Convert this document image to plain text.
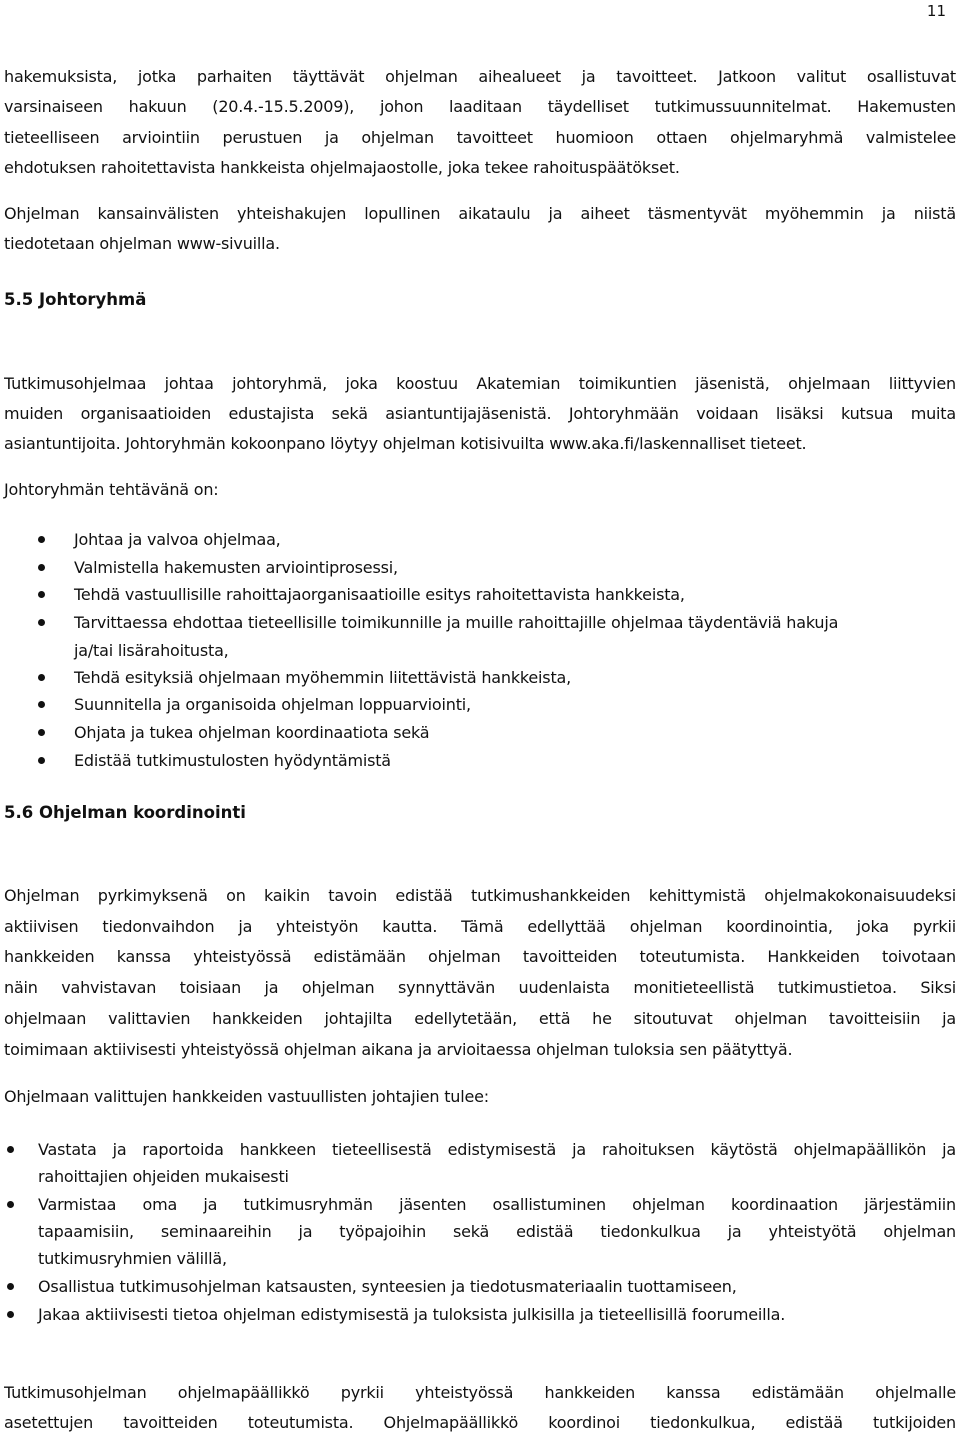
11
hakemuksista, jotka parhaiten täyttävät ohjelman aihealueet ja tavoitteet. Jatkoon valitut osallistuvat
varsinaiseen hakuun (20.4.-15.5.2009), johon laaditaan täydelliset tutkimussuunnitelmat. Hakemusten
tieteelliseen arviointiin perustuen ja ohjelman tavoitteet huomioon ottaen ohjelmaryhmä valmistelee
ehdotuksen rahoitettavista hankkeista ohjelmajaostolle, joka tekee rahoituspäätökset.
Ohjelman kansainvälisten yhteishakujen lopullinen aikataulu ja aiheet täsmentyvät myöhemmin ja niistä
tiedotetaan ohjelman www-sivuilla.
5.5 Johtoryhmä
Tutkimusohjelmaa johtaa johtoryhmä, joka koostuu Akatemian toimikuntien jäsenistä, ohjelmaan liittyvien
muiden organisaatioiden edustajista sekä asiantuntijajäsenistä. Johtoryhmään voidaan lisäksi kutsua muita
asiantuntijoita. Johtoryhmän kokoonpano löytyy ohjelman kotisivuilta www.aka.fi/laskennalliset tieteet.
Johtoryhmän tehtävänä on:
Johtaa ja valvoa ohjelmaa,
Valmistella hakemusten arviointiprosessi,
Tehdä vastuullisille rahoittajaorganisaatioille esitys rahoitettavista hankkeista,
Tarvittaessa ehdottaa tieteellisille toimikunnille ja muille rahoittajille ohjelmaa täydentäviä hakuja
ja/tai lisärahoitusta,
Tehdä esityksiä ohjelmaan myöhemmin liitettävistä hankkeista,
Suunnitella ja organisoida ohjelman loppuarviointi,
Ohjata ja tukea ohjelman koordinaatiota sekä
Edistää tutkimustulosten hyödyntämistä
5.6 Ohjelman koordinointi
Ohjelman pyrkimyksenä on kaikin tavoin edistää tutkimushankkeiden kehittymistä ohjelmakokonaisuudeksi
aktiivisen tiedonvaihdon ja yhteistyön kautta. Tämä edellyttää ohjelman koordinointia, joka pyrkii
hankkeiden kanssa yhteistyössä edistämään ohjelman tavoitteiden toteutumista. Hankkeiden toivotaan
näin vahvistavan toisiaan ja ohjelman synnyttävän uudenlaista monitieteellistä tutkimustietoa. Siksi
ohjelmaan valittavien hankkeiden johtajilta edellytetään, että he sitoutuvat ohjelman tavoitteisiin ja
toimimaan aktiivisesti yhteistyössä ohjelman aikana ja arvioitaessa ohjelman tuloksia sen päätyttyä.
Ohjelmaan valittujen hankkeiden vastuullisten johtajien tulee:
Vastata ja raportoida hankkeen tieteellisestä edistymisestä ja rahoituksen käytöstä ohjelmapäällikön ja
rahoittajien ohjeiden mukaisesti
Varmistaa oma ja tutkimusryhmän jäsenten osallistuminen ohjelman koordinaation järjestämiin
tapaamisiin, seminaareihin ja työpajoihin sekä edistää tiedonkulkua ja yhteistyötä ohjelman
tutkimusryhmien välillä,
Osallistua tutkimusohjelman katsausten, synteesien ja tiedotusmateriaalin tuottamiseen,
Jakaa aktiivisesti tietoa ohjelman edistymisestä ja tuloksista julkisilla ja tieteellisillä foorumeilla.
Tutkimusohjelman ohjelmapäällikkö pyrkii yhteistyössä hankkeiden kanssa edistämään ohjelmalle
asetettujen tavoitteiden toteutumista. Ohjelmapäällikkö koordinoi tiedonkulkua, edistää tutkijoiden
